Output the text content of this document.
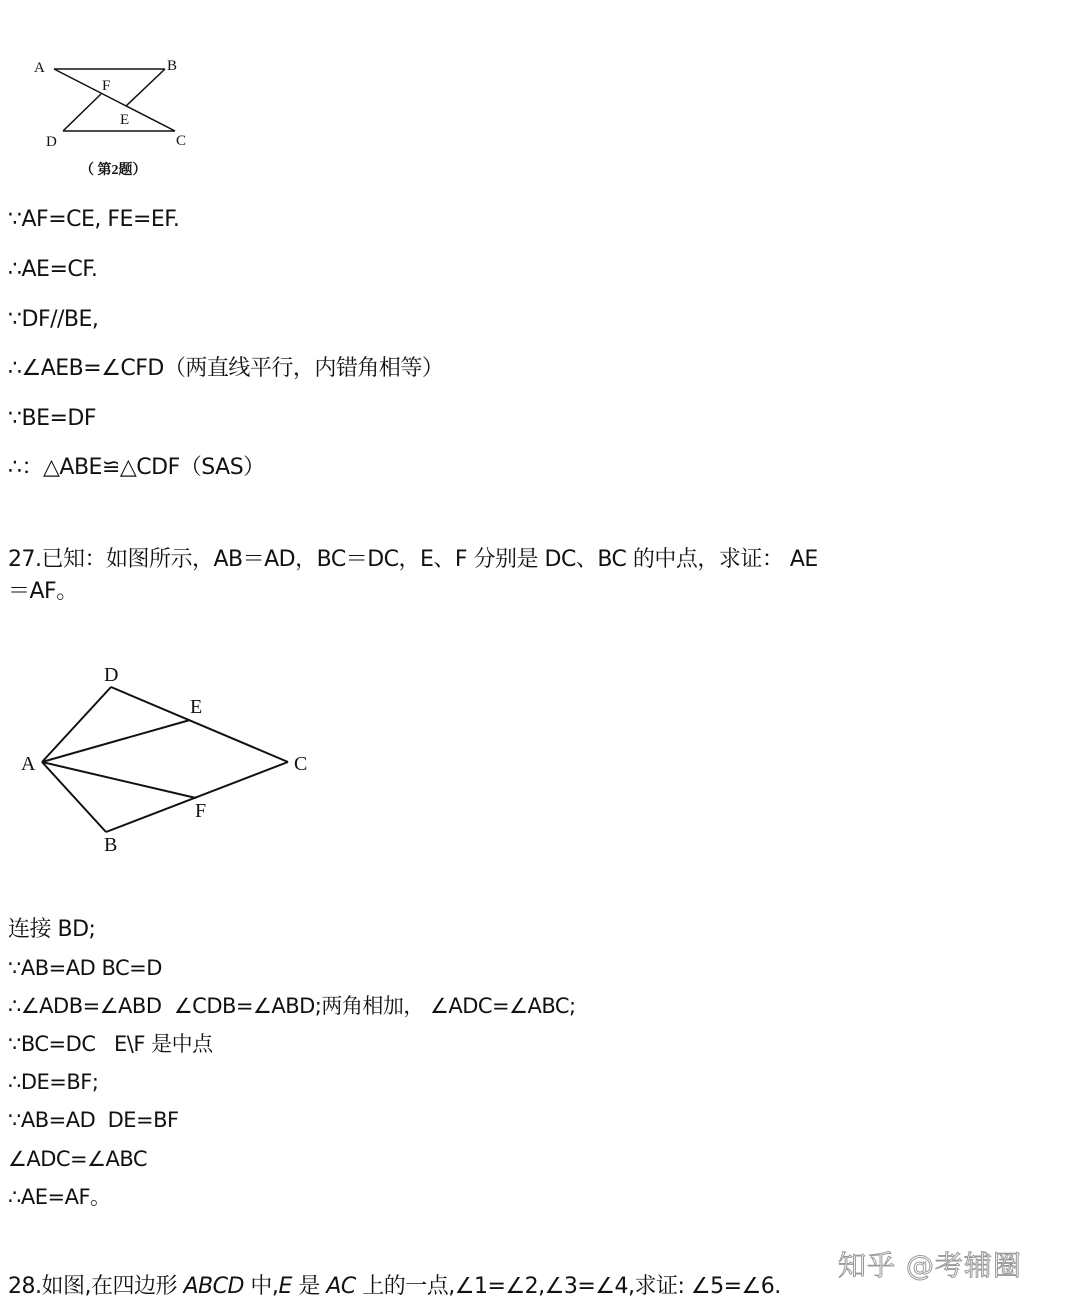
A	B
C
D
E
F
（ 第2题）
∵AF=CE, FE=EF.
∴AE=CF.
∵DF//BE,
∴∠AEB=∠CFD（两直线平行，内错角相等）
∵BE=DF
∴：△ABE≌△CDF（SAS）
27.已知：如图所示，AB＝AD，BC＝DC，E、F 分别是 DC、BC 的中点，求证： AE
＝AF。
D
E
A	C
F
B
连接 BD;
∵AB=AD BC=D
∴∠ADB=∠ABD  ∠CDB=∠ABD;两角相加， ∠ADC=∠ABC;
∵BC=DC   E\F 是中点
∴DE=BF;
∵AB=AD  DE=BF
∠ADC=∠ABC
∴AE=AF。
知乎 @考辅圈
28.如图,在四边形 ABCD 中,E 是 AC 上的一点,∠1=∠2,∠3=∠4,求证: ∠5=∠6.
